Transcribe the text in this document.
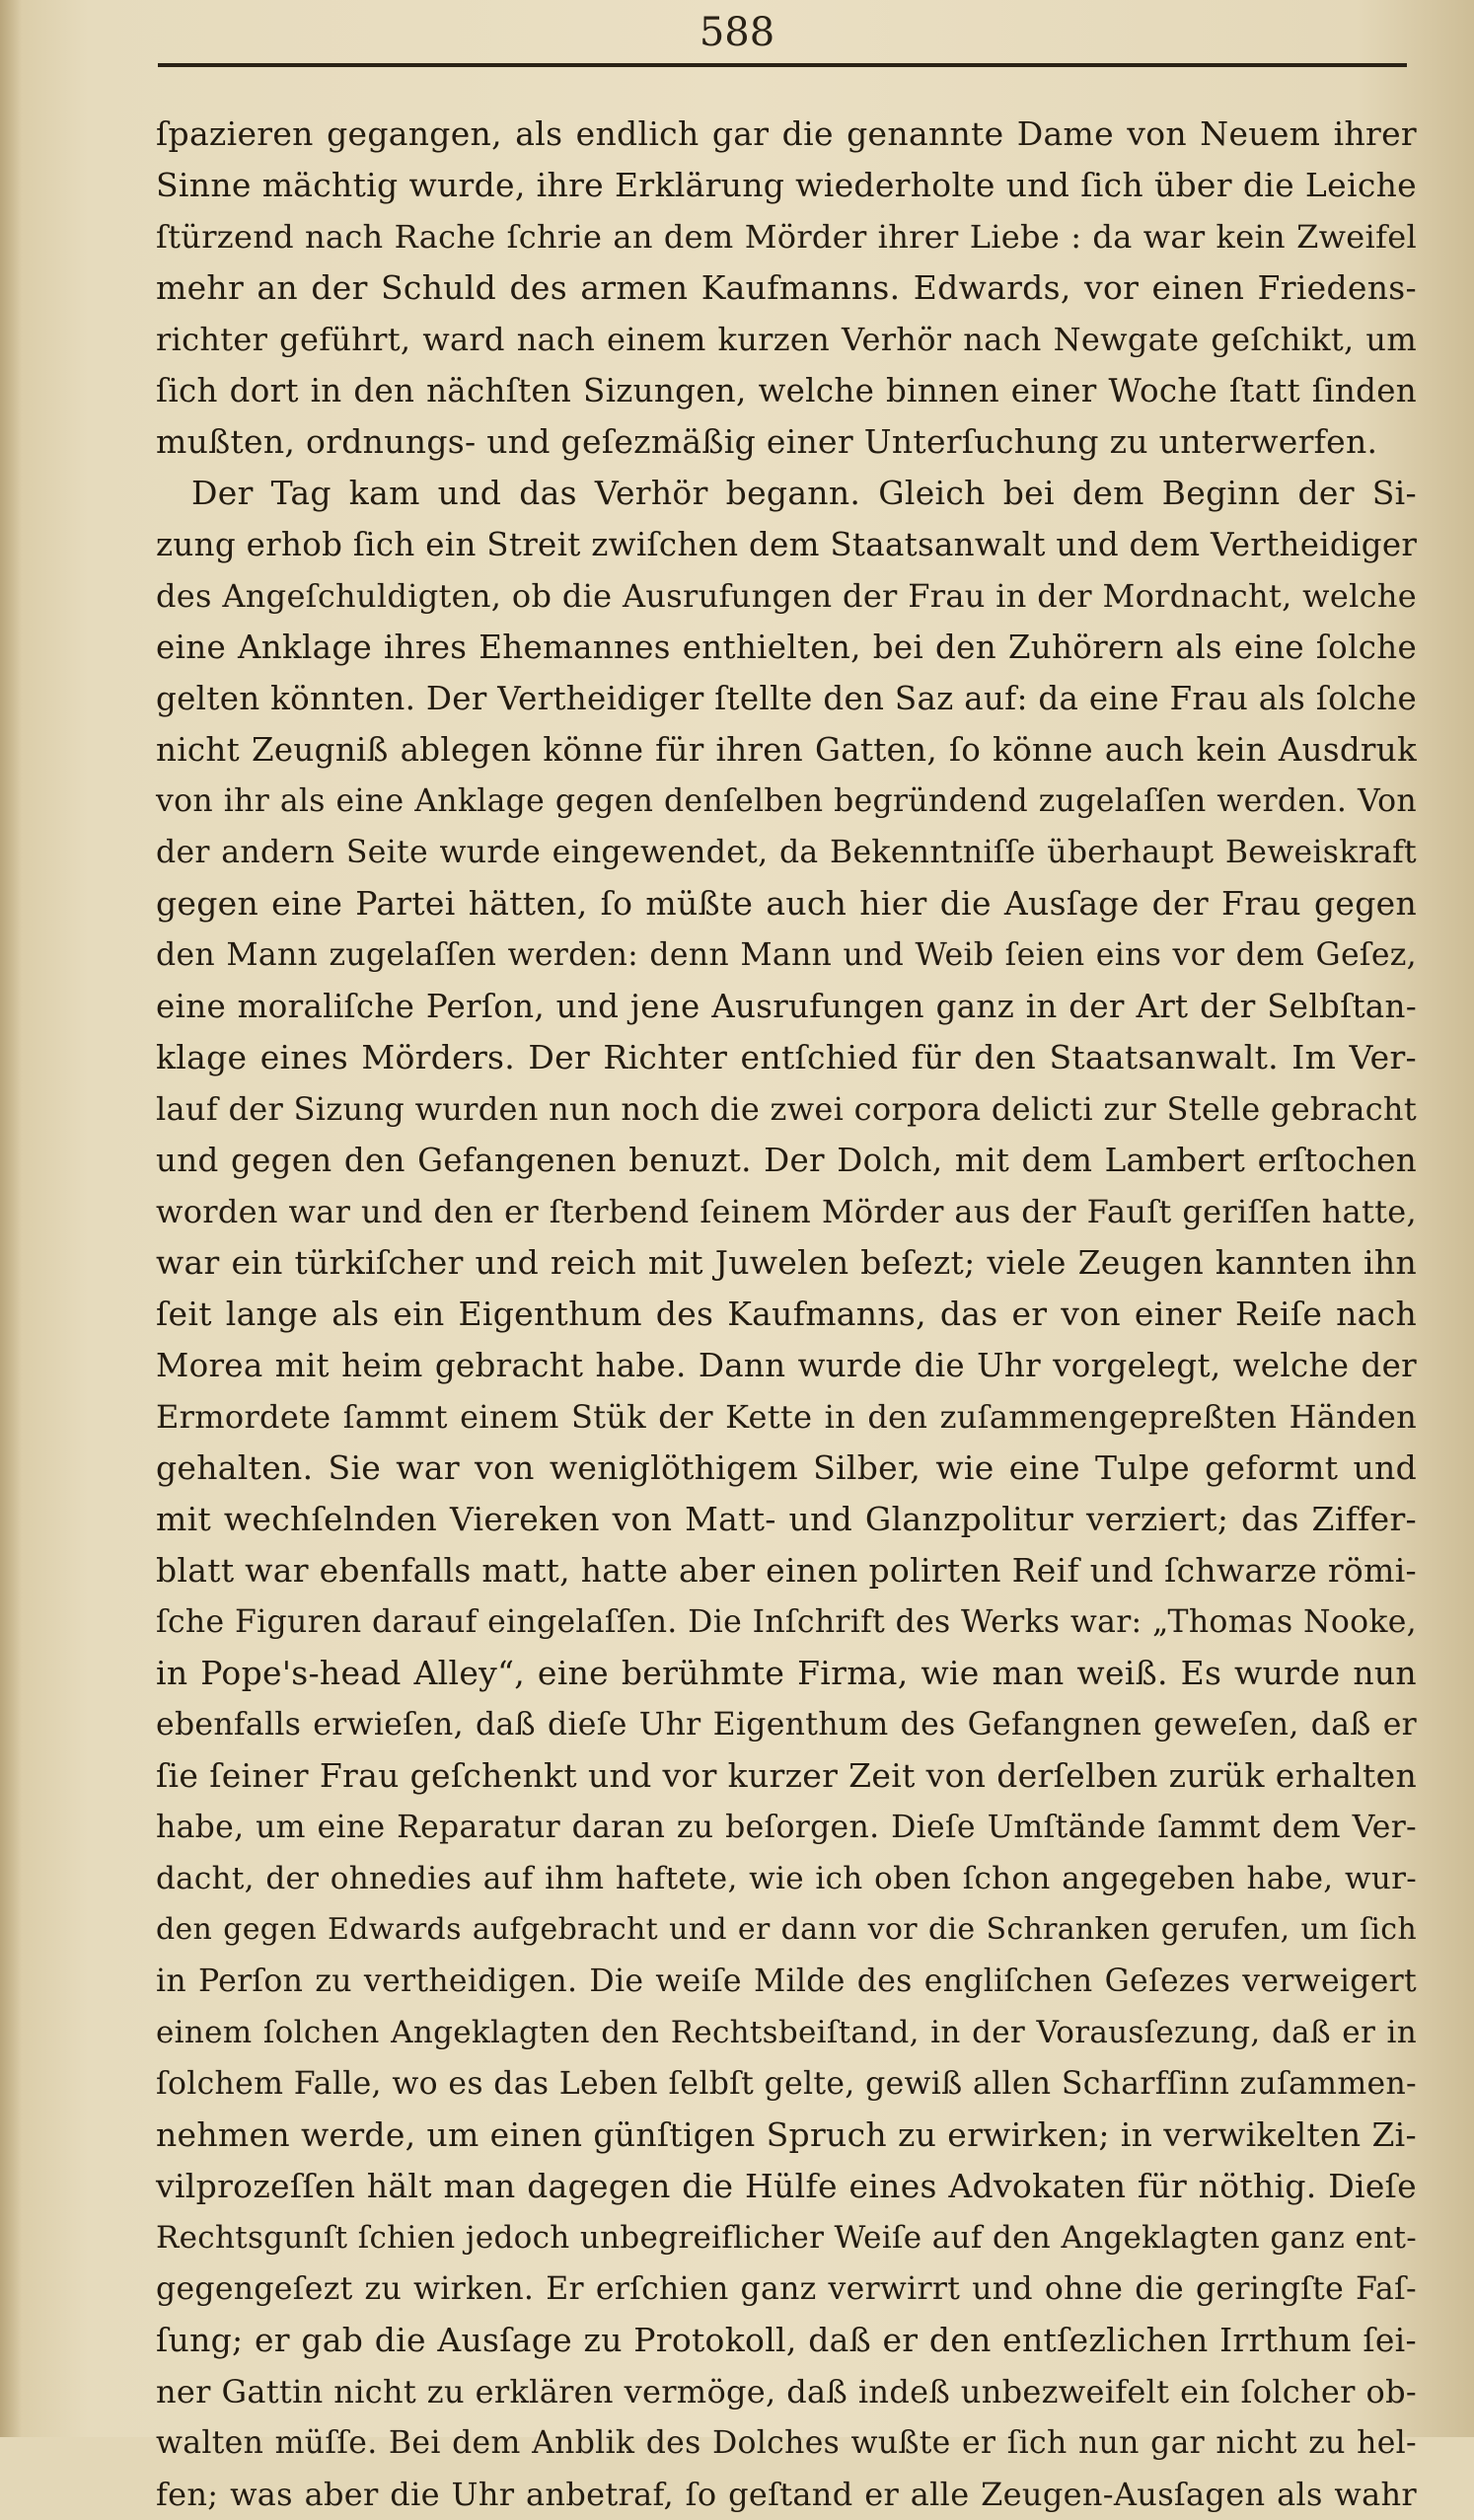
588
ſpazieren gegangen, als endlich gar die genannte Dame von Neuem ihrer
Sinne mächtig wurde, ihre Erklärung wiederholte und ſich über die Leiche
ſtürzend nach Rache ſchrie an dem Mörder ihrer Liebe : da war kein Zweifel
mehr an der Schuld des armen Kaufmanns. Edwards, vor einen Friedens-
richter geführt, ward nach einem kurzen Verhör nach Newgate geſchikt, um
ſich dort in den nächſten Sizungen, welche binnen einer Woche ſtatt ſinden
mußten, ordnungs- und geſezmäßig einer Unterſuchung zu unterwerfen.
Der Tag kam und das Verhör begann. Gleich bei dem Beginn der Si-
zung erhob ſich ein Streit zwiſchen dem Staatsanwalt und dem Vertheidiger
des Angeſchuldigten, ob die Ausrufungen der Frau in der Mordnacht, welche
eine Anklage ihres Ehemannes enthielten, bei den Zuhörern als eine ſolche
gelten könnten. Der Vertheidiger ſtellte den Saz auf: da eine Frau als ſolche
nicht Zeugniß ablegen könne für ihren Gatten, ſo könne auch kein Ausdruk
von ihr als eine Anklage gegen denſelben begründend zugelaſſen werden. Von
der andern Seite wurde eingewendet, da Bekenntniſſe überhaupt Beweiskraft
gegen eine Partei hätten, ſo müßte auch hier die Ausſage der Frau gegen
den Mann zugelaſſen werden: denn Mann und Weib ſeien eins vor dem Geſez,
eine moraliſche Perſon, und jene Ausrufungen ganz in der Art der Selbſtan-
klage eines Mörders. Der Richter entſchied für den Staatsanwalt. Im Ver-
lauf der Sizung wurden nun noch die zwei corpora delicti zur Stelle gebracht
und gegen den Gefangenen benuzt. Der Dolch, mit dem Lambert erſtochen
worden war und den er ſterbend ſeinem Mörder aus der Fauſt geriſſen hatte,
war ein türkiſcher und reich mit Juwelen beſezt; viele Zeugen kannten ihn
ſeit lange als ein Eigenthum des Kaufmanns, das er von einer Reiſe nach
Morea mit heim gebracht habe. Dann wurde die Uhr vorgelegt, welche der
Ermordete ſammt einem Stük der Kette in den zuſammengepreßten Händen
gehalten. Sie war von weniglöthigem Silber, wie eine Tulpe geformt und
mit wechſelnden Viereken von Matt- und Glanzpolitur verziert; das Ziffer-
blatt war ebenfalls matt, hatte aber einen polirten Reif und ſchwarze römi-
ſche Figuren darauf eingelaſſen. Die Inſchrift des Werks war: „Thomas Nooke,
in Pope's-head Alley“, eine berühmte Firma, wie man weiß. Es wurde nun
ebenfalls erwieſen, daß dieſe Uhr Eigenthum des Gefangnen geweſen, daß er
ſie ſeiner Frau geſchenkt und vor kurzer Zeit von derſelben zurük erhalten
habe, um eine Reparatur daran zu beſorgen. Dieſe Umſtände ſammt dem Ver-
dacht, der ohnedies auf ihm haftete, wie ich oben ſchon angegeben habe, wur-
den gegen Edwards aufgebracht und er dann vor die Schranken gerufen, um ſich
in Perſon zu vertheidigen. Die weiſe Milde des engliſchen Geſezes verweigert
einem ſolchen Angeklagten den Rechtsbeiſtand, in der Vorausſezung, daß er in
ſolchem Falle, wo es das Leben ſelbſt gelte, gewiß allen Scharfſinn zuſammen-
nehmen werde, um einen günſtigen Spruch zu erwirken; in verwikelten Zi-
vilprozeſſen hält man dagegen die Hülfe eines Advokaten für nöthig. Dieſe
Rechtsgunſt ſchien jedoch unbegreiflicher Weiſe auf den Angeklagten ganz ent-
gegengeſezt zu wirken. Er erſchien ganz verwirrt und ohne die geringſte Faſ-
ſung; er gab die Ausſage zu Protokoll, daß er den entſezlichen Irrthum ſei-
ner Gattin nicht zu erklären vermöge, daß indeß unbezweifelt ein ſolcher ob-
walten müſſe. Bei dem Anblik des Dolches wußte er ſich nun gar nicht zu hel-
fen; was aber die Uhr anbetraf, ſo geſtand er alle Zeugen-Ausſagen als wahr
